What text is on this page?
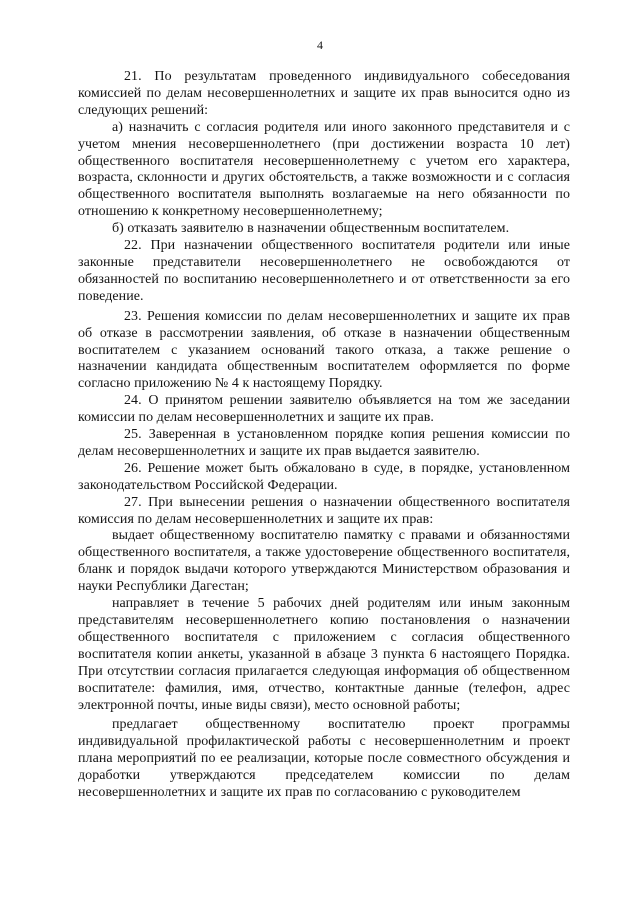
4

21. По результатам проведенного индивидуального собеседования комиссией по делам несовершеннолетних и защите их прав выносится одно из следующих решений:

а) назначить с согласия родителя или иного законного представителя и с учетом мнения несовершеннолетнего (при достижении возраста 10 лет) общественного воспитателя несовершеннолетнему с учетом его характера, возраста, склонности и других обстоятельств, а также возможности и с согласия общественного воспитателя выполнять возлагаемые на него обязанности по отношению к конкретному несовершеннолетнему;

б) отказать заявителю в назначении общественным воспитателем.

22. При назначении общественного воспитателя родители или иные законные представители несовершеннолетнего не освобождаются от обязанностей по воспитанию несовершеннолетнего и от ответственности за его поведение.

23. Решения комиссии по делам несовершеннолетних и защите их прав об отказе в рассмотрении заявления, об отказе в назначении общественным воспитателем с указанием оснований такого отказа, а также решение о назначении кандидата общественным воспитателем оформляется по форме согласно приложению № 4 к настоящему Порядку.

24. О принятом решении заявителю объявляется на том же заседании комиссии по делам несовершеннолетних и защите их прав.

25. Заверенная в установленном порядке копия решения комиссии по делам несовершеннолетних и защите их прав выдается заявителю.

26. Решение может быть обжаловано в суде, в порядке, установленном законодательством Российской Федерации.

27. При вынесении решения о назначении общественного воспитателя комиссия по делам несовершеннолетних и защите их прав:

выдает общественному воспитателю памятку с правами и обязанностями общественного воспитателя, а также удостоверение общественного воспитателя, бланк и порядок выдачи которого утверждаются Министерством образования и науки Республики Дагестан;

направляет в течение 5 рабочих дней родителям или иным законным представителям несовершеннолетнего копию постановления о назначении общественного воспитателя с приложением с согласия общественного воспитателя копии анкеты, указанной в абзаце 3 пункта 6 настоящего Порядка. При отсутствии согласия прилагается следующая информация об общественном воспитателе: фамилия, имя, отчество, контактные данные (телефон, адрес электронной почты, иные виды связи), место основной работы;

предлагает общественному воспитателю проект программы индивидуальной профилактической работы с несовершеннолетним и проект плана мероприятий по ее реализации, которые после совместного обсуждения и доработки утверждаются председателем комиссии по делам несовершеннолетних и защите их прав по согласованию с руководителем
